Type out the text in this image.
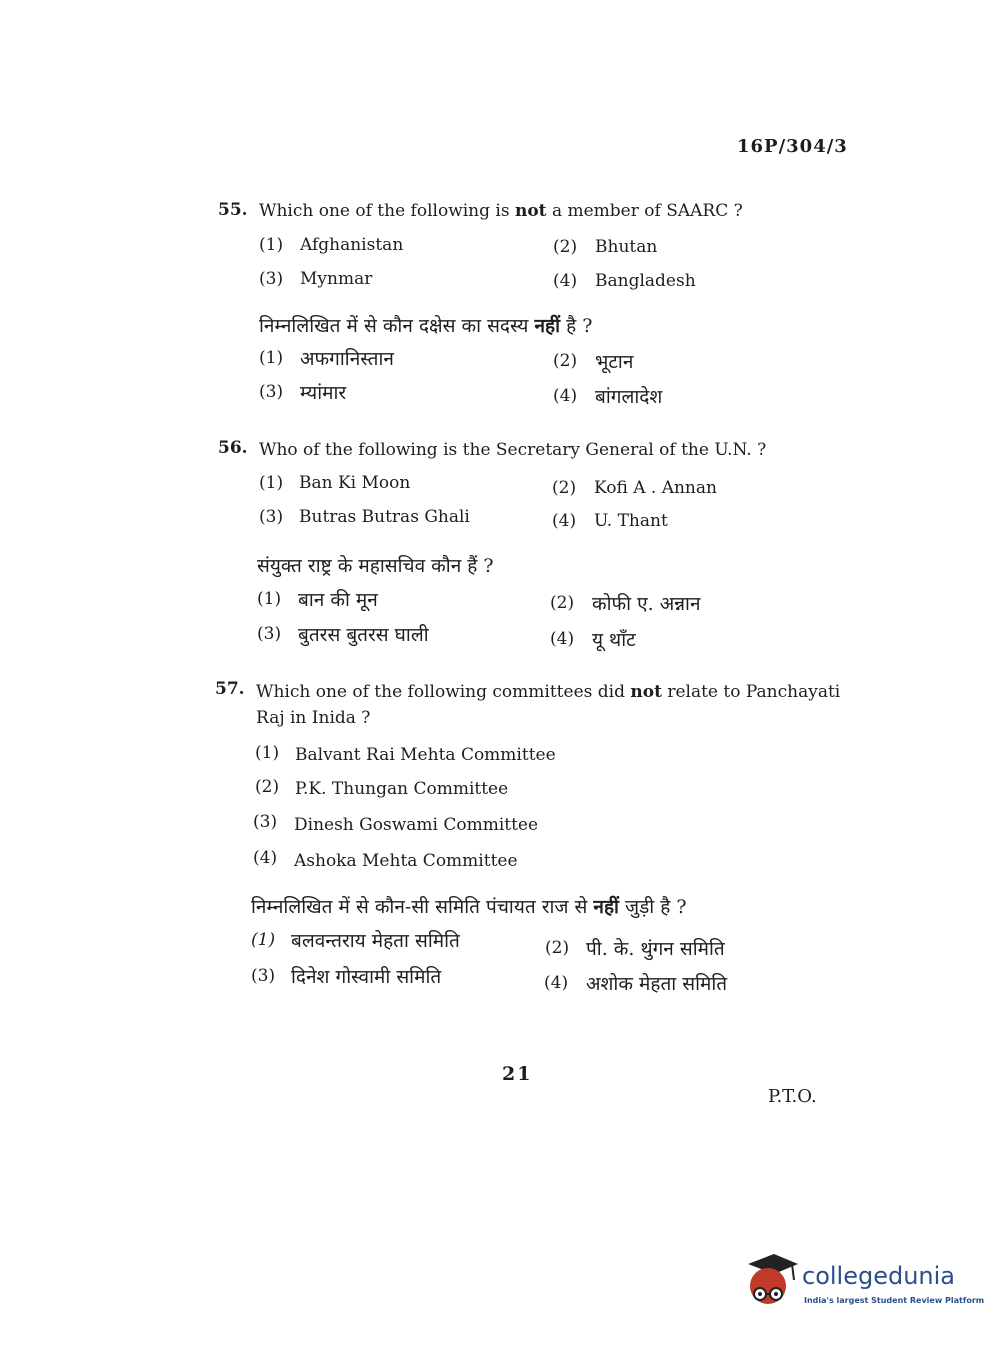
16P/304/3
55. Which one of the following is not a member of SAARC ?
(1) Afghanistan	(2) Bhutan
(3) Mynmar	(4) Bangladesh
निम्नलिखित में से कौन दक्षेस का सदस्य नहीं है ?
(1) अफगानिस्तान	(2) भूटान
(3) म्यांमार	(4) बांगलादेश
56. Who of the following is the Secretary General of the U.N. ?
(1) Ban Ki Moon	(2) Kofi A . Annan
(3) Butras Butras Ghali	(4) U. Thant
संयुक्त राष्ट्र के महासचिव कौन हैं ?
(1) बान की मून	(2) कोफी ए. अन्नान
(3) बुतरस बुतरस घाली	(4) यू थाँट
57. Which one of the following committees did not relate to Panchayati
Raj in Inida ?
(1) Balvant Rai Mehta Committee
(2) P.K. Thungan Committee
(3) Dinesh Goswami Committee
(4) Ashoka Mehta Committee
निम्नलिखित में से कौन-सी समिति पंचायत राज से नहीं जुड़ी है ?
(1) बलवन्तराय मेहता समिति	(2) पी. के. थुंगन समिति
(3) दिनेश गोस्वामी समिति	(4) अशोक मेहता समिति
21
P.T.O.
collegedunia
India's largest Student Review Platform
